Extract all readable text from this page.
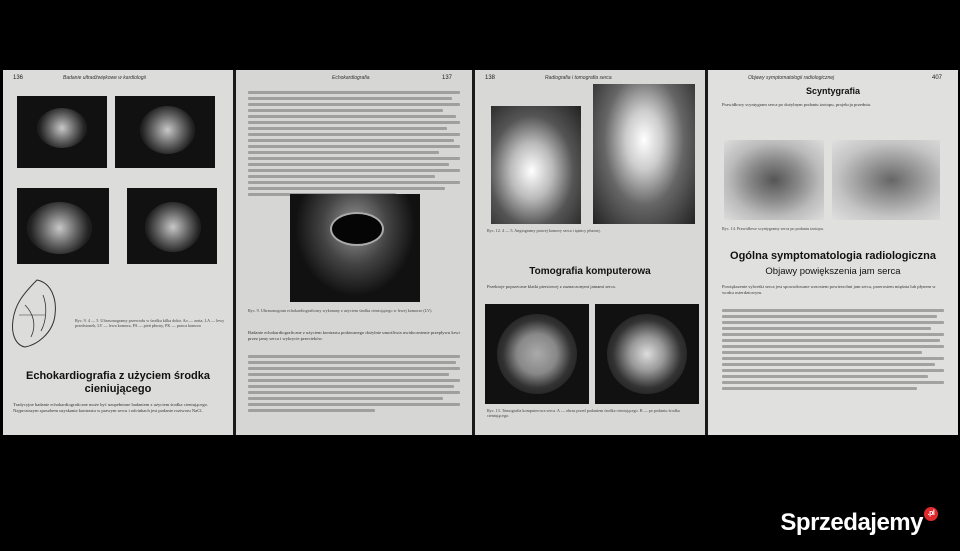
136	Badanie ultradźwiękowe w kardiologii
Ryc. 9. 4 — 5. Ultrasonogramy przewodu w środku kilka doktr. Ao — aorta, LA — lewy przedsionek, LV — lewa komora, PA — pień płucny, PK — prawa komora
Echokardiografia z użyciem środka cieniującego
Tradycyjne badanie echokardiograficzne może być uzupełnione badaniem z użyciem środka cieniującego. Najprostszym sposobem uzyskania kontrastu w prawym sercu i odcinkach jest podanie roztworu NaCl.
Echokardiografia	137
Ryc. 9. Ultrasonogram echokardiograficzny wykonany z użyciem środka cieniującego w lewej komorze (LV).
Badanie echokardiograficzne z użyciem kontrastu podawanego dożylnie umożliwia uwidocznienie przepływu krwi przez jamy serca i wykrycie przecieków.
138	Radiografia i tomografia serca
Ryc. 12. 4 — 5. Angiogramy prawej komory serca i tętnicy płucnej.
Tomografia komputerowa
Przekroje poprzeczne klatki piersiowej z zaznaczonymi jamami serca.
Ryc. 13. Tomografia komputerowa serca. A — obraz przed podaniem środka cieniującego. B — po podaniu środka cieniującego.
Objawy symptomatologii radiologicznej	407
Scyntygrafia
Prawidłowy scyntygram serca po dożylnym podaniu izotopu, projekcja przednia.
Ryc. 14. Prawidłowe scyntygramy serca po podaniu izotopu.
Ogólna symptomatologia radiologiczna
Objawy powiększenia jam serca
Powiększenie sylwetki serca jest spowodowane wzrostem powierzchni jam serca, przerostem mięśnia lub płynem w worku osierdziowym.
Sprzedajemy .pl
